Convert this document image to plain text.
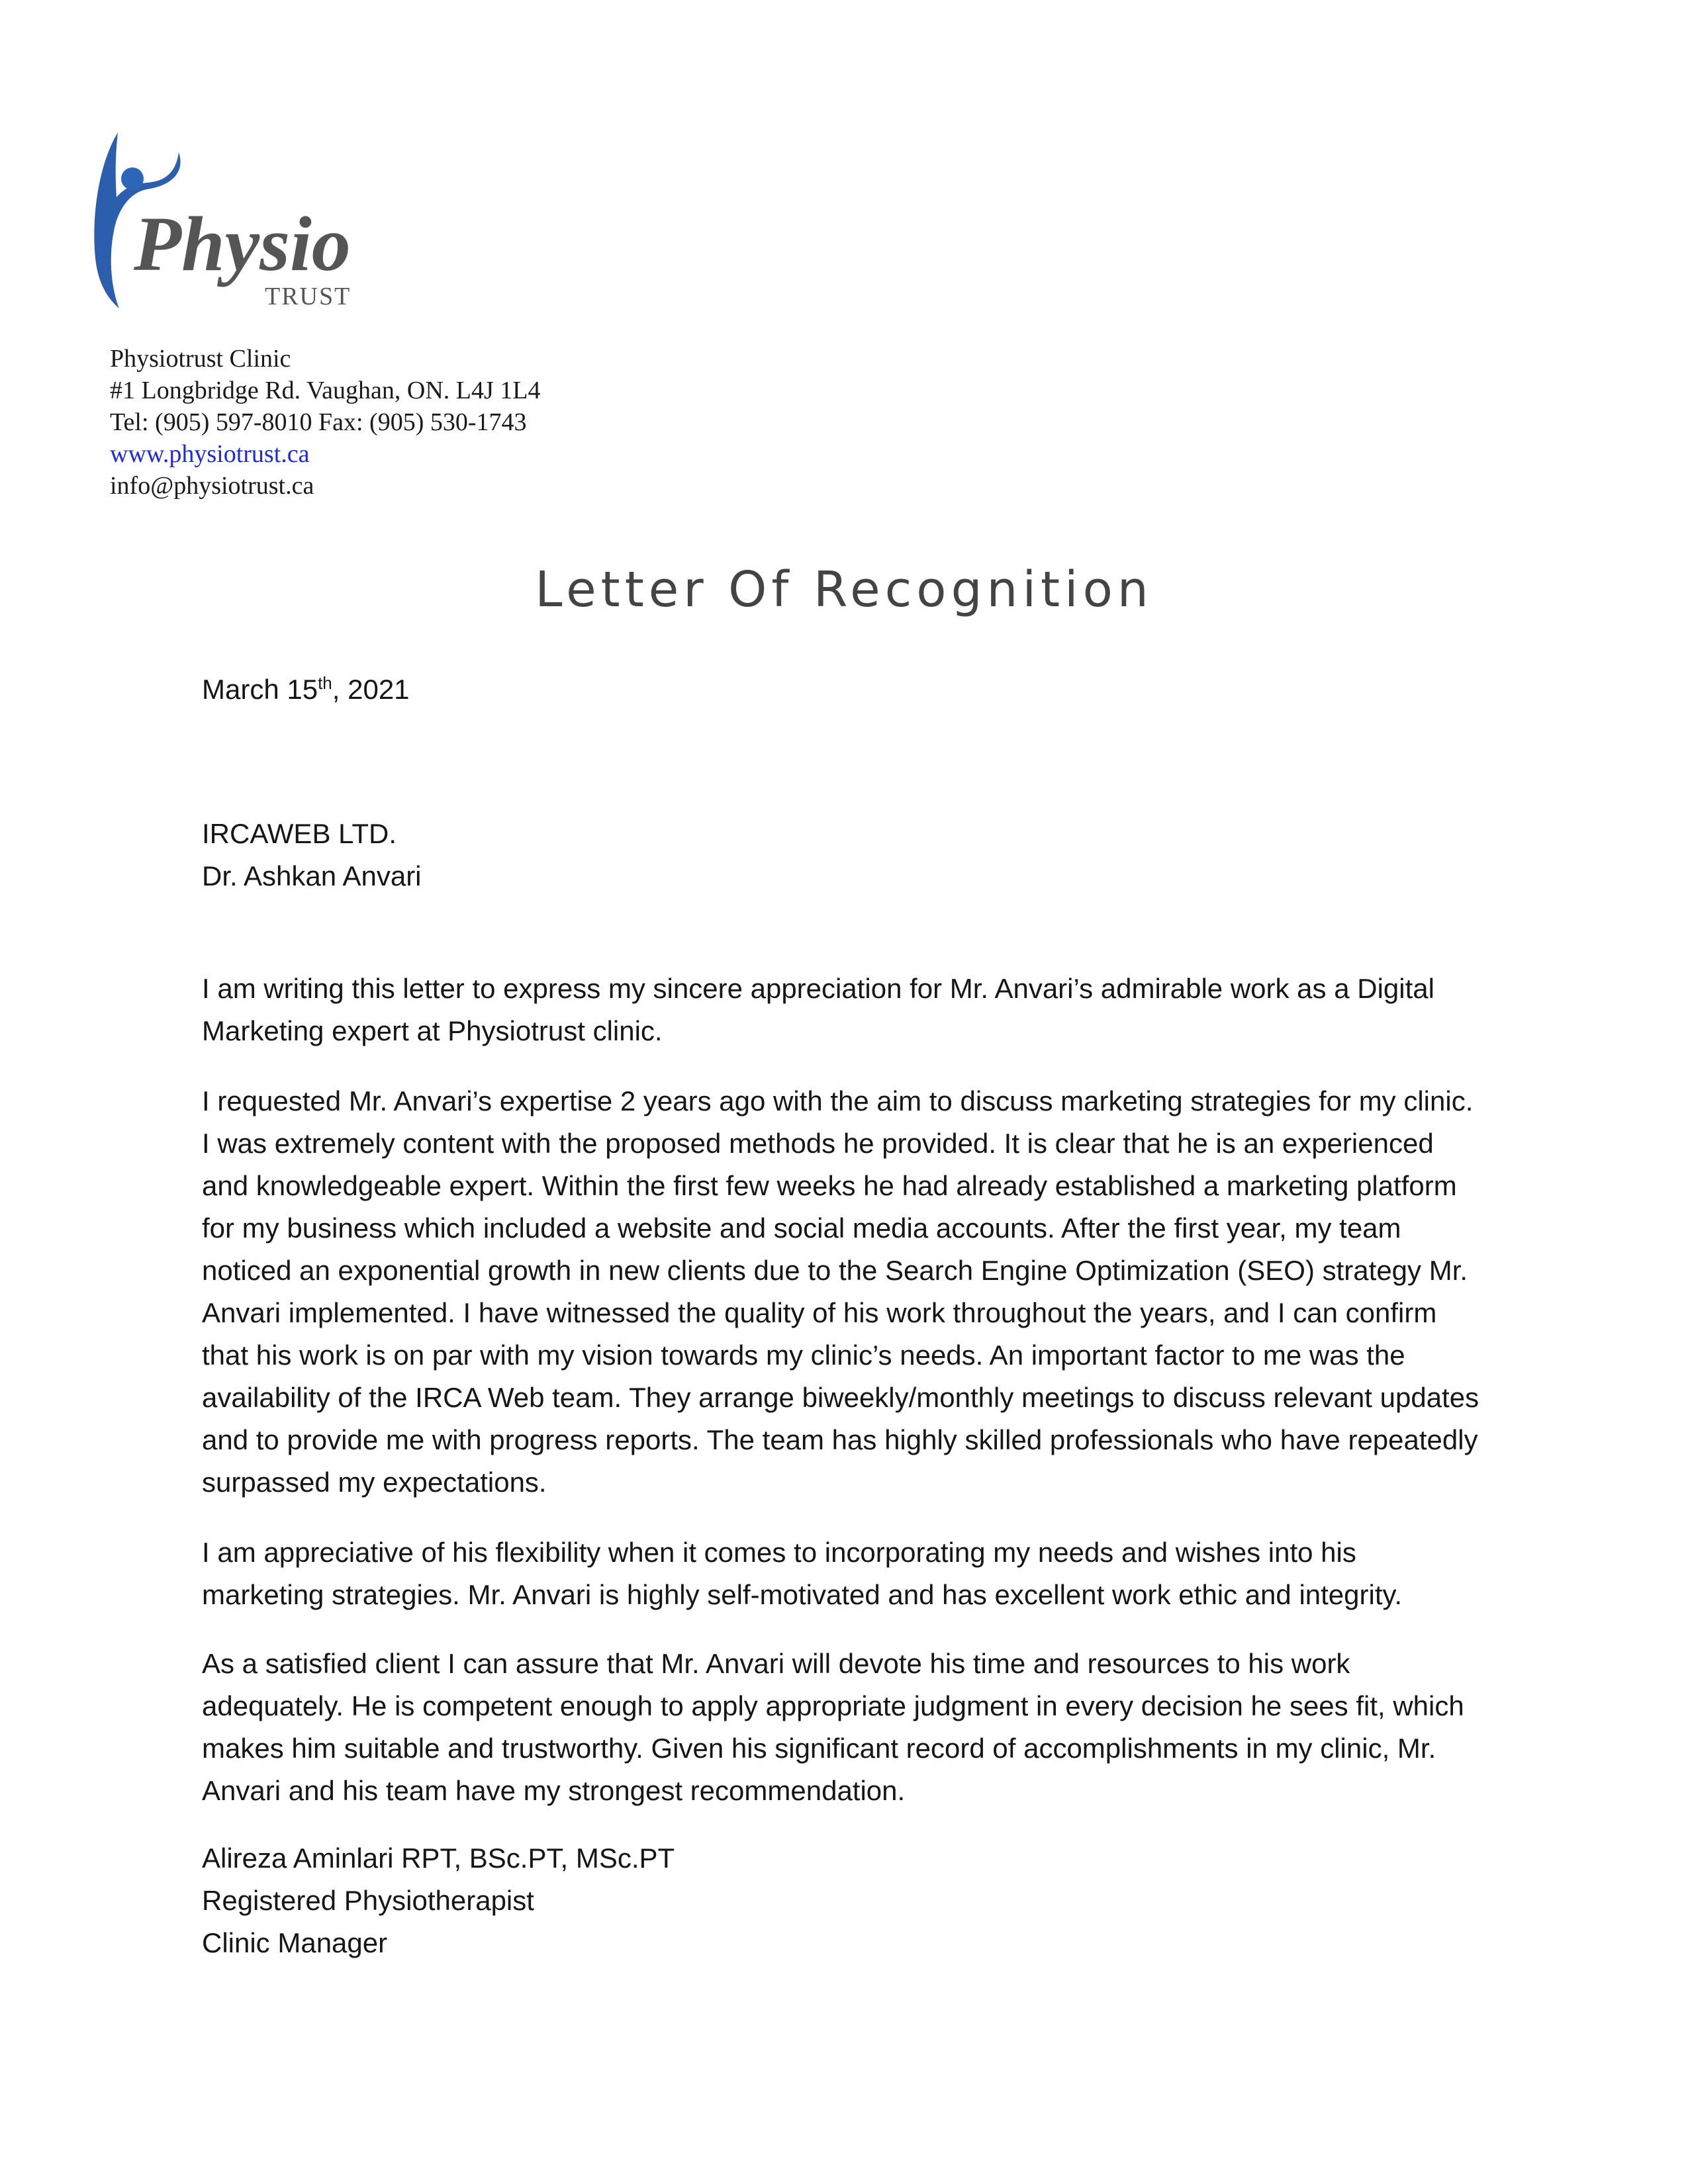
Physio
TRUST
Physiotrust Clinic
#1 Longbridge Rd. Vaughan, ON. L4J 1L4
Tel: (905) 597-8010 Fax: (905) 530-1743
www.physiotrust.ca
info@physiotrust.ca
Letter Of Recognition
March 15th, 2021
IRCAWEB LTD.
Dr. Ashkan Anvari
I am writing this letter to express my sincere appreciation for Mr. Anvari’s admirable work as a Digital
Marketing expert at Physiotrust clinic.
I requested Mr. Anvari’s expertise 2 years ago with the aim to discuss marketing strategies for my clinic.
I was extremely content with the proposed methods he provided. It is clear that he is an experienced
and knowledgeable expert. Within the first few weeks he had already established a marketing platform
for my business which included a website and social media accounts. After the first year, my team
noticed an exponential growth in new clients due to the Search Engine Optimization (SEO) strategy Mr.
Anvari implemented. I have witnessed the quality of his work throughout the years, and I can confirm
that his work is on par with my vision towards my clinic’s needs. An important factor to me was the
availability of the IRCA Web team. They arrange biweekly/monthly meetings to discuss relevant updates
and to provide me with progress reports. The team has highly skilled professionals who have repeatedly
surpassed my expectations.
I am appreciative of his flexibility when it comes to incorporating my needs and wishes into his
marketing strategies. Mr. Anvari is highly self-motivated and has excellent work ethic and integrity.
As a satisfied client I can assure that Mr. Anvari will devote his time and resources to his work
adequately. He is competent enough to apply appropriate judgment in every decision he sees fit, which
makes him suitable and trustworthy. Given his significant record of accomplishments in my clinic, Mr.
Anvari and his team have my strongest recommendation.
Alireza Aminlari RPT, BSc.PT, MSc.PT
Registered Physiotherapist
Clinic Manager
